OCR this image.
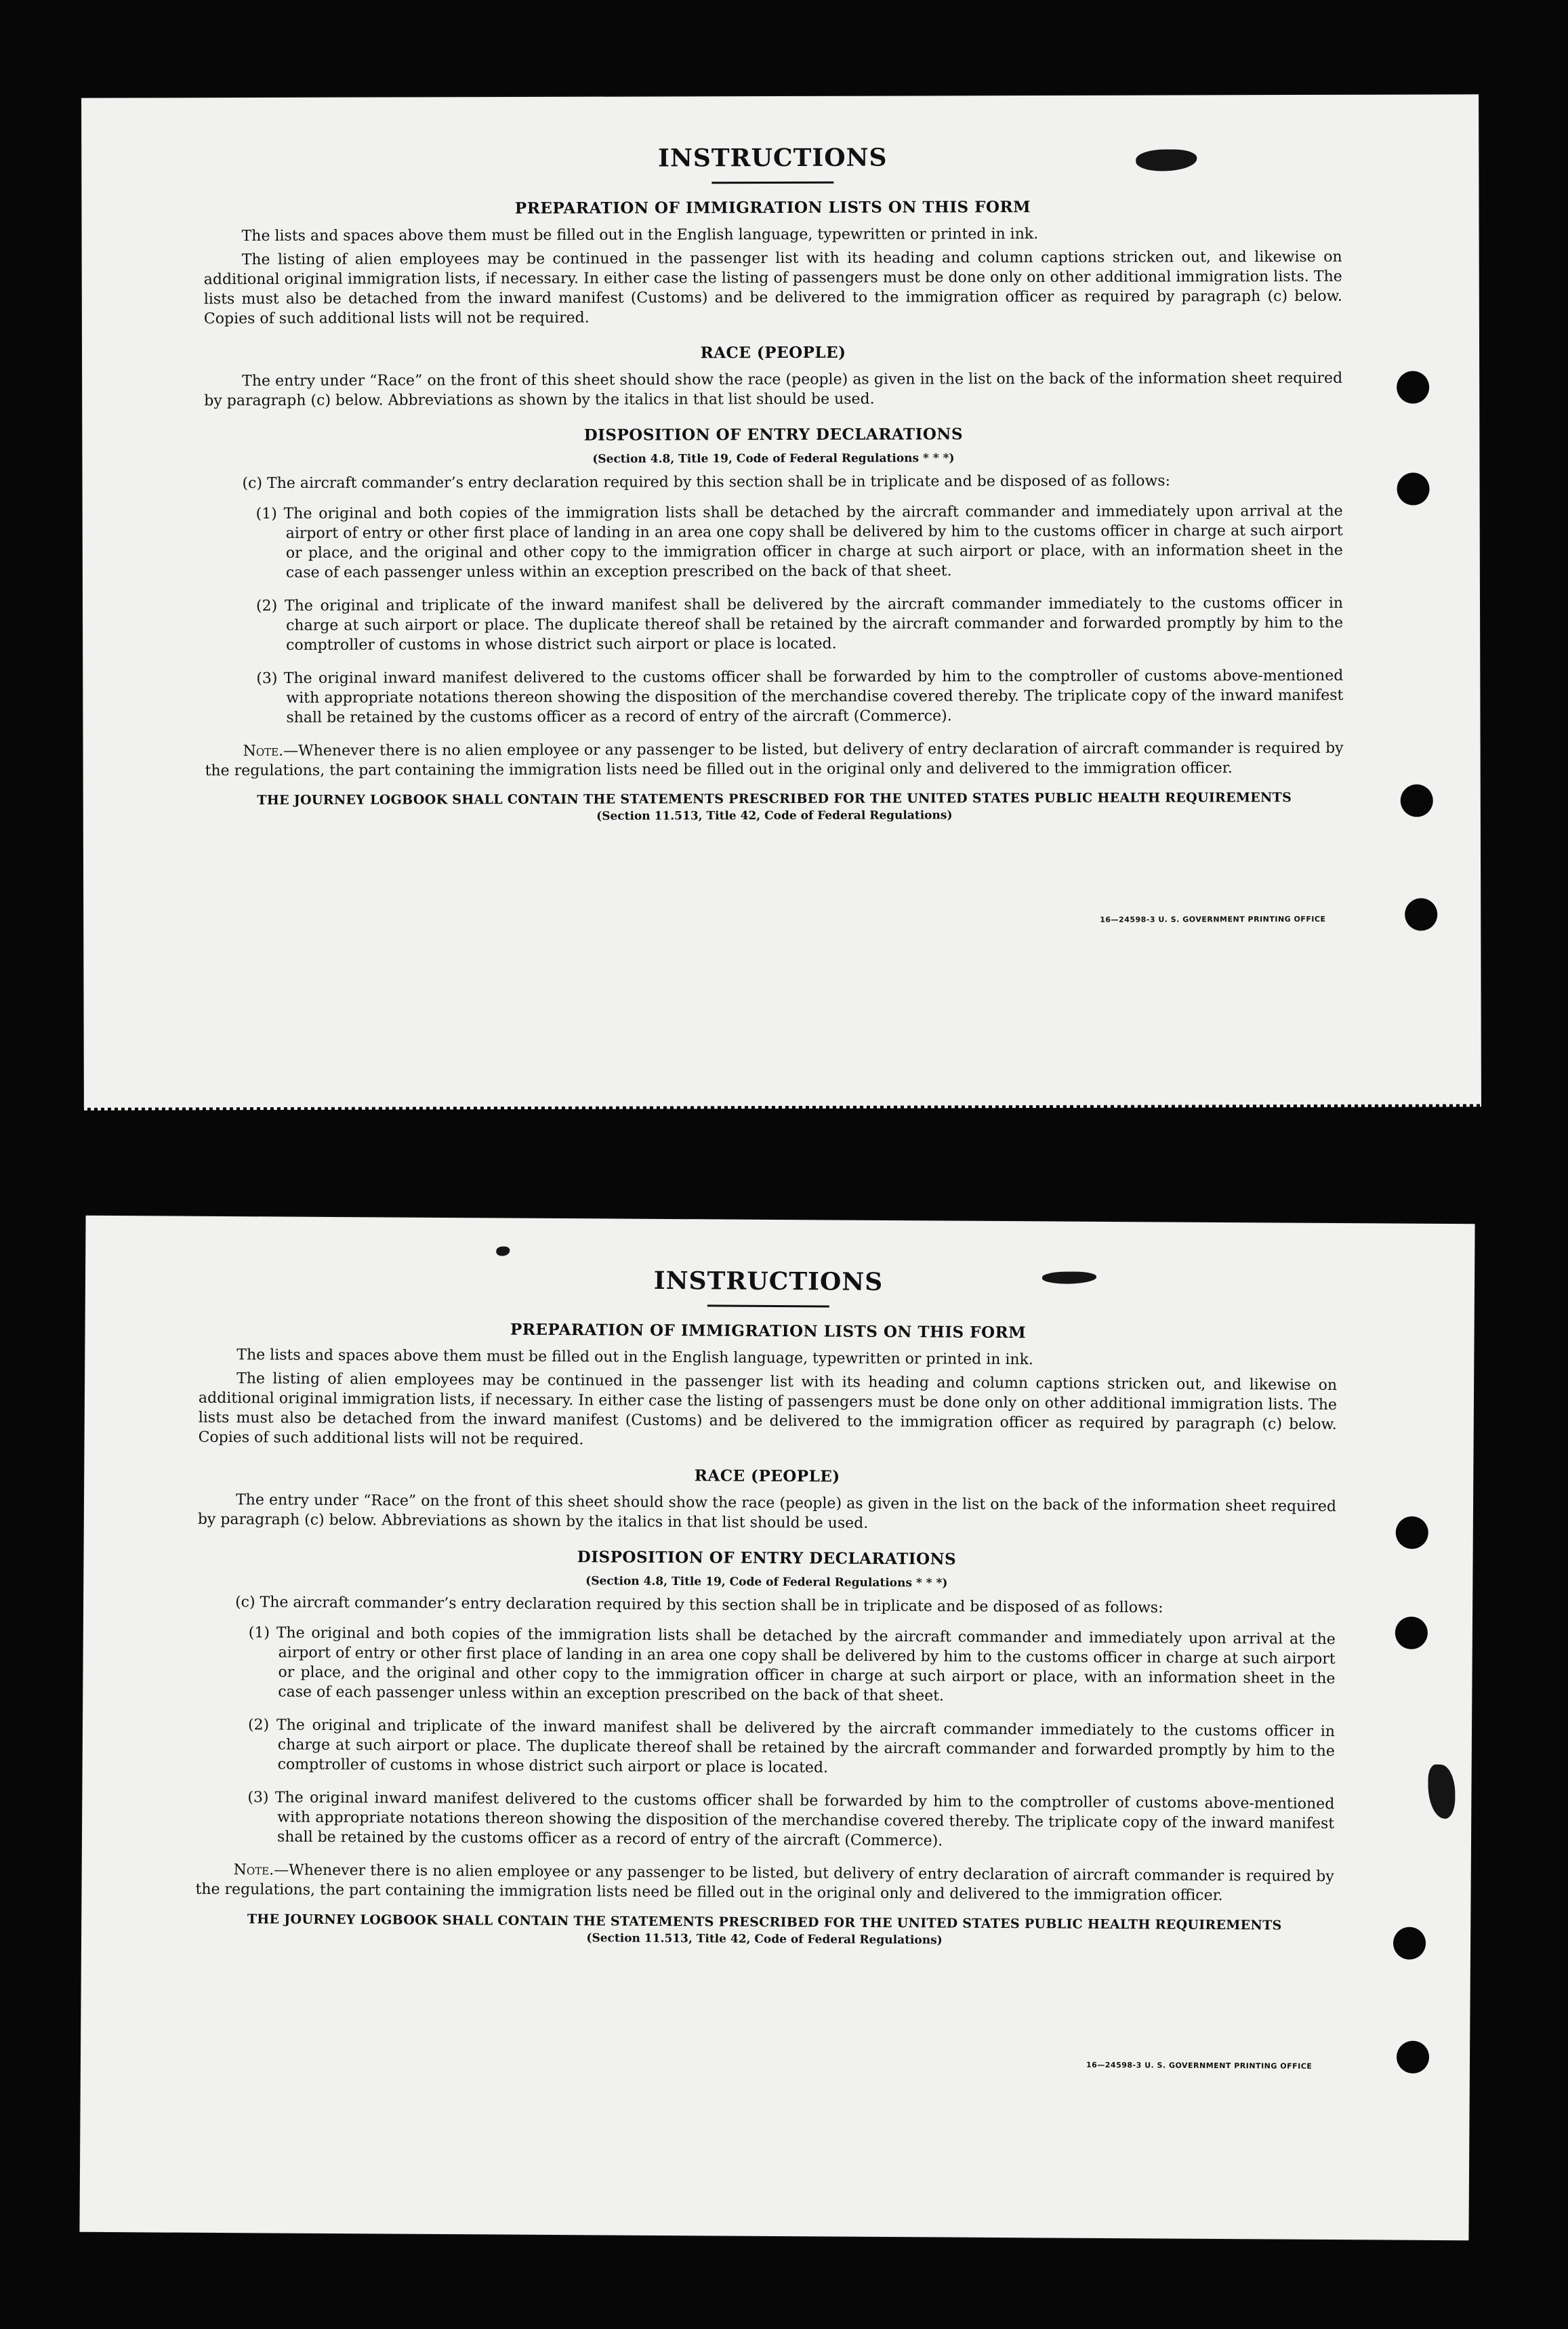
INSTRUCTIONS
PREPARATION OF IMMIGRATION LISTS ON THIS FORM

The lists and spaces above them must be filled out in the English language, typewritten or printed in ink.

The listing of alien employees may be continued in the passenger list with its heading and column captions stricken out, and likewise on additional original immigration lists, if necessary. In either case the listing of passengers must be done only on other additional immigration lists. The lists must also be detached from the inward manifest (Customs) and be delivered to the immigration officer as required by paragraph (c) below. Copies of such additional lists will not be required.

RACE (PEOPLE)

The entry under “Race” on the front of this sheet should show the race (people) as given in the list on the back of the information sheet required by paragraph (c) below. Abbreviations as shown by the italics in that list should be used.

DISPOSITION OF ENTRY DECLARATIONS
(Section 4.8, Title 19, Code of Federal Regulations * * *)

(c) The aircraft commander’s entry declaration required by this section shall be in triplicate and be disposed of as follows:

(1) The original and both copies of the immigration lists shall be detached by the aircraft commander and immediately upon arrival at the airport of entry or other first place of landing in an area one copy shall be delivered by him to the customs officer in charge at such airport or place, and the original and other copy to the immigration officer in charge at such airport or place, with an information sheet in the case of each passenger unless within an exception prescribed on the back of that sheet.

(2) The original and triplicate of the inward manifest shall be delivered by the aircraft commander immediately to the customs officer in charge at such airport or place. The duplicate thereof shall be retained by the aircraft commander and forwarded promptly by him to the comptroller of customs in whose district such airport or place is located.

(3) The original inward manifest delivered to the customs officer shall be forwarded by him to the comptroller of customs above-mentioned with appropriate notations thereon showing the disposition of the merchandise covered thereby. The triplicate copy of the inward manifest shall be retained by the customs officer as a record of entry of the aircraft (Commerce).

Note.—Whenever there is no alien employee or any passenger to be listed, but delivery of entry declaration of aircraft commander is required by the regulations, the part containing the immigration lists need be filled out in the original only and delivered to the immigration officer.

THE JOURNEY LOGBOOK SHALL CONTAIN THE STATEMENTS PRESCRIBED FOR THE UNITED STATES PUBLIC HEALTH REQUIREMENTS
(Section 11.513, Title 42, Code of Federal Regulations)
16—24598-3 U. S. GOVERNMENT PRINTING OFFICE
INSTRUCTIONS
PREPARATION OF IMMIGRATION LISTS ON THIS FORM

The lists and spaces above them must be filled out in the English language, typewritten or printed in ink.

The listing of alien employees may be continued in the passenger list with its heading and column captions stricken out, and likewise on additional original immigration lists, if necessary. In either case the listing of passengers must be done only on other additional immigration lists. The lists must also be detached from the inward manifest (Customs) and be delivered to the immigration officer as required by paragraph (c) below. Copies of such additional lists will not be required.

RACE (PEOPLE)

The entry under “Race” on the front of this sheet should show the race (people) as given in the list on the back of the information sheet required by paragraph (c) below. Abbreviations as shown by the italics in that list should be used.

DISPOSITION OF ENTRY DECLARATIONS
(Section 4.8, Title 19, Code of Federal Regulations * * *)

(c) The aircraft commander’s entry declaration required by this section shall be in triplicate and be disposed of as follows:

(1) The original and both copies of the immigration lists shall be detached by the aircraft commander and immediately upon arrival at the airport of entry or other first place of landing in an area one copy shall be delivered by him to the customs officer in charge at such airport or place, and the original and other copy to the immigration officer in charge at such airport or place, with an information sheet in the case of each passenger unless within an exception prescribed on the back of that sheet.

(2) The original and triplicate of the inward manifest shall be delivered by the aircraft commander immediately to the customs officer in charge at such airport or place. The duplicate thereof shall be retained by the aircraft commander and forwarded promptly by him to the comptroller of customs in whose district such airport or place is located.

(3) The original inward manifest delivered to the customs officer shall be forwarded by him to the comptroller of customs above-mentioned with appropriate notations thereon showing the disposition of the merchandise covered thereby. The triplicate copy of the inward manifest shall be retained by the customs officer as a record of entry of the aircraft (Commerce).

Note.—Whenever there is no alien employee or any passenger to be listed, but delivery of entry declaration of aircraft commander is required by the regulations, the part containing the immigration lists need be filled out in the original only and delivered to the immigration officer.

THE JOURNEY LOGBOOK SHALL CONTAIN THE STATEMENTS PRESCRIBED FOR THE UNITED STATES PUBLIC HEALTH REQUIREMENTS
(Section 11.513, Title 42, Code of Federal Regulations)
16—24598-3 U. S. GOVERNMENT PRINTING OFFICE
